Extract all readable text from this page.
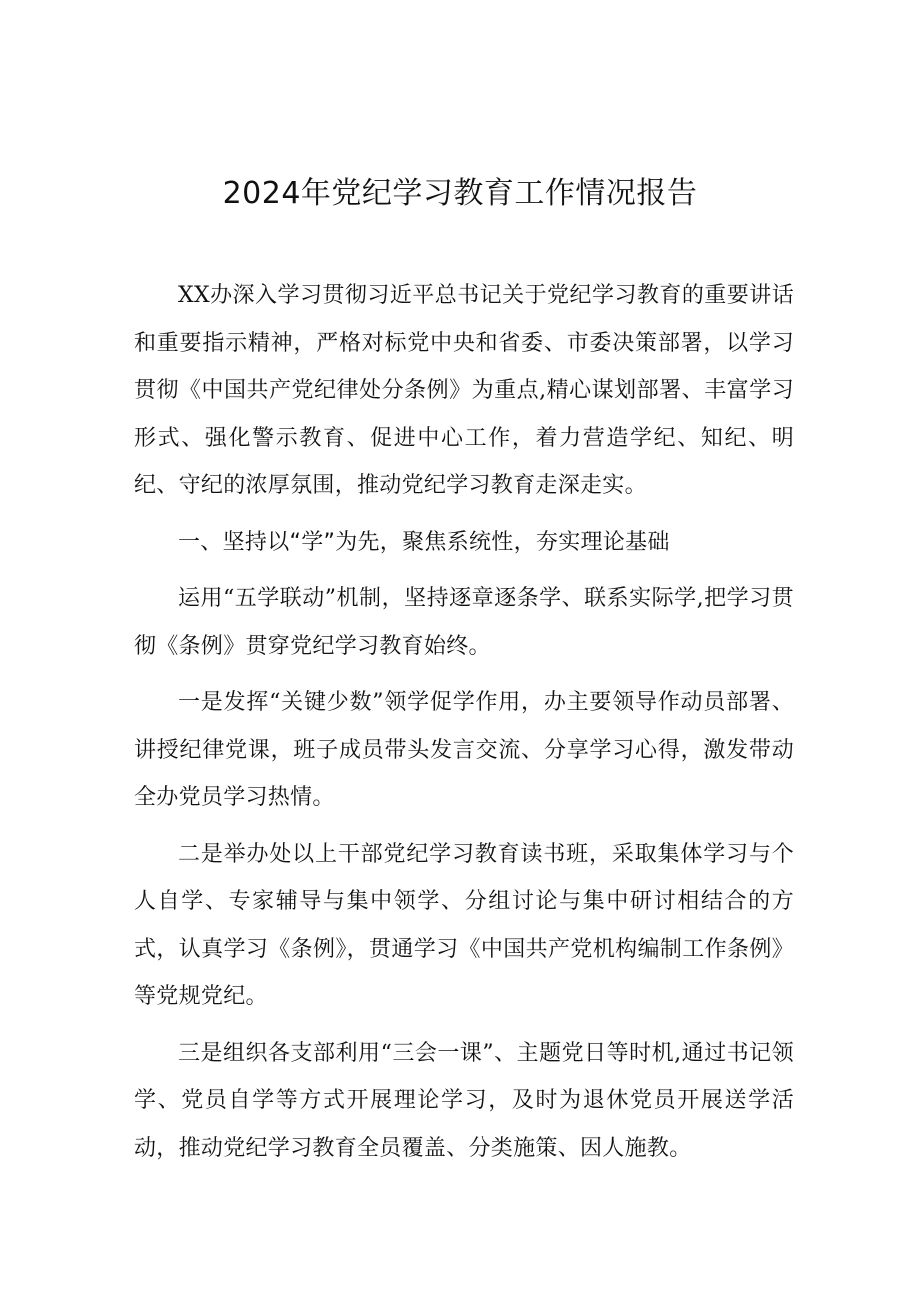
2024年党纪学习教育工作情况报告

XX办深入学习贯彻习近平总书记关于党纪学习教育的重要讲话和重要指示精神，严格对标党中央和省委、市委决策部署，以学习贯彻《中国共产党纪律处分条例》为重点,精心谋划部署、丰富学习形式、强化警示教育、促进中心工作，着力营造学纪、知纪、明纪、守纪的浓厚氛围，推动党纪学习教育走深走实。

一、坚持以“学”为先，聚焦系统性，夯实理论基础

运用“五学联动”机制，坚持逐章逐条学、联系实际学,把学习贯彻《条例》贯穿党纪学习教育始终。

一是发挥“关键少数”领学促学作用，办主要领导作动员部署、讲授纪律党课，班子成员带头发言交流、分享学习心得，激发带动全办党员学习热情。

二是举办处以上干部党纪学习教育读书班，采取集体学习与个人自学、专家辅导与集中领学、分组讨论与集中研讨相结合的方式，认真学习《条例》，贯通学习《中国共产党机构编制工作条例》等党规党纪。

三是组织各支部利用“三会一课”、主题党日等时机,通过书记领学、党员自学等方式开展理论学习，及时为退休党员开展送学活动，推动党纪学习教育全员覆盖、分类施策、因人施教。
